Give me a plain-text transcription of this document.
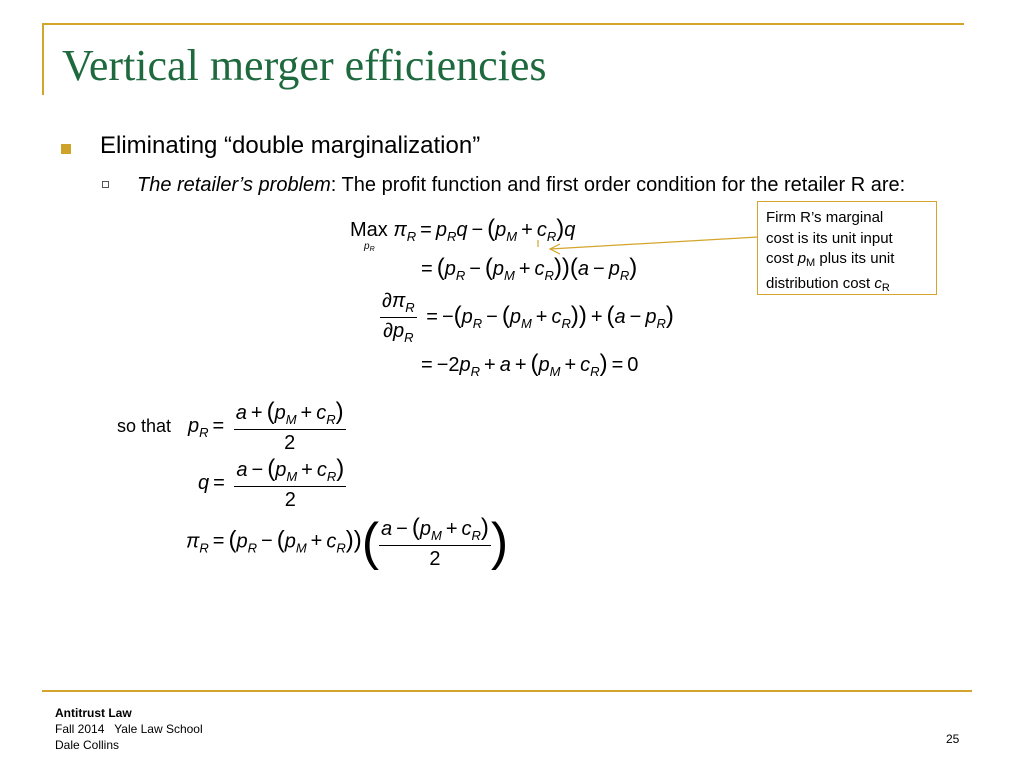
Vertical merger efficiencies
Eliminating “double marginalization”
The retailer’s problem: The profit function and first order condition for the retailer R are:
Max
$p_R$
$\pi_R = p_Rq - (p_M + c_R)q$
= $(p_R - (p_M + c_R))(a - p_R)$
$\frac{\partial\pi_R}{\partial p_R} = -(p_R - (p_M + c_R)) + (a - p_R)$
= $-2p_R + a + (p_M + c_R) = 0$
so that $p_R = \frac{a + (p_M + c_R)}{2}$
$q = \frac{a - (p_M + c_R)}{2}$
$\pi_R = (p_R - (p_M + c_R))( \frac{a - (p_M + c_R)}{2}$ )
Firm R’s marginal
cost is its unit input
cost $p_M$ plus its unit
distribution cost $c_R$
Antitrust Law
Fall 2014   Yale Law School
Dale Collins	25
